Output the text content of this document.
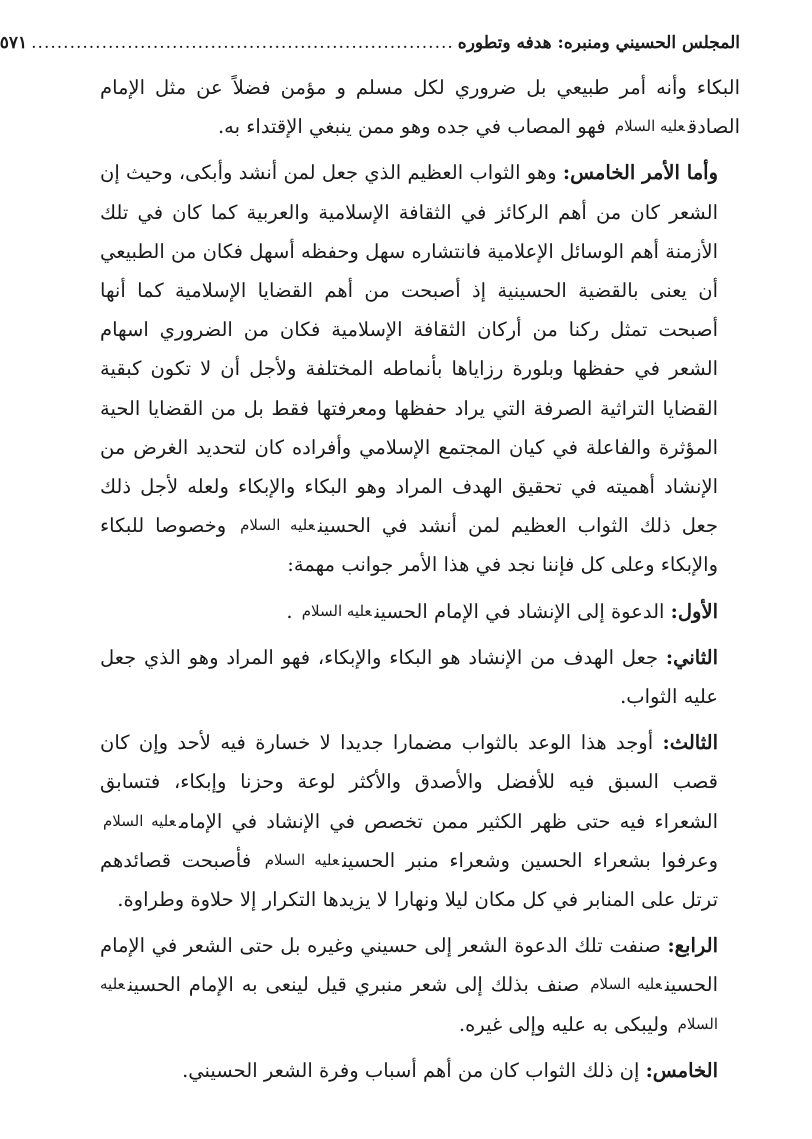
المجلس الحسيني ومنبره: هدفه وتطوره
..................................................................
٥٧١

البكاء وأنه أمر طبيعي بل ضروري لكل مسلم و مؤمن فضلاً عن مثل الإمام الصادقعليه السلام فهو المصاب في جده وهو ممن ينبغي الإقتداء به.

وأما الأمر الخامس: وهو الثواب العظيم الذي جعل لمن أنشد وأبكى، وحيث إن الشعر كان من أهم الركائز في الثقافة الإسلامية والعربية كما كان في تلك الأزمنة أهم الوسائل الإعلامية فانتشاره سهل وحفظه أسهل فكان من الطبيعي أن يعنى بالقضية الحسينية إذ أصبحت من أهم القضايا الإسلامية كما أنها أصبحت تمثل ركنا من أركان الثقافة الإسلامية فكان من الضروري اسهام الشعر في حفظها وبلورة رزاياها بأنماطه المختلفة ولأجل أن لا تكون كبقية القضايا التراثية الصرفة التي يراد حفظها ومعرفتها فقط بل من القضايا الحية المؤثرة والفاعلة في كيان المجتمع الإسلامي وأفراده كان لتحديد الغرض من الإنشاد أهميته في تحقيق الهدف المراد وهو البكاء والإبكاء ولعله لأجل ذلك جعل ذلك الثواب العظيم لمن أنشد في الحسينعليه السلام وخصوصا للبكاء والإبكاء وعلى كل فإننا نجد في هذا الأمر جوانب مهمة:

الأول: الدعوة إلى الإنشاد في الإمام الحسينعليه السلام .

الثاني: جعل الهدف من الإنشاد هو البكاء والإبكاء، فهو المراد وهو الذي جعل عليه الثواب.

الثالث: أوجد هذا الوعد بالثواب مضمارا جديدا لا خسارة فيه لأحد وإن كان قصب السبق فيه للأفضل والأصدق والأكثر لوعة وحزنا وإبكاء، فتسابق الشعراء فيه حتى ظهر الكثير ممن تخصص في الإنشاد في الإمامعليه السلام وعرفوا بشعراء الحسين وشعراء منبر الحسينعليه السلام فأصبحت قصائدهم ترتل على المنابر في كل مكان ليلا ونهارا لا يزيدها التكرار إلا حلاوة وطراوة.

الرابع: صنفت تلك الدعوة الشعر إلى حسيني وغيره بل حتى الشعر في الإمام الحسينعليه السلام صنف بذلك إلى شعر منبري قيل لينعى به الإمام الحسينعليه السلام وليبكى به عليه وإلى غيره.

الخامس: إن ذلك الثواب كان من أهم أسباب وفرة الشعر الحسيني.
